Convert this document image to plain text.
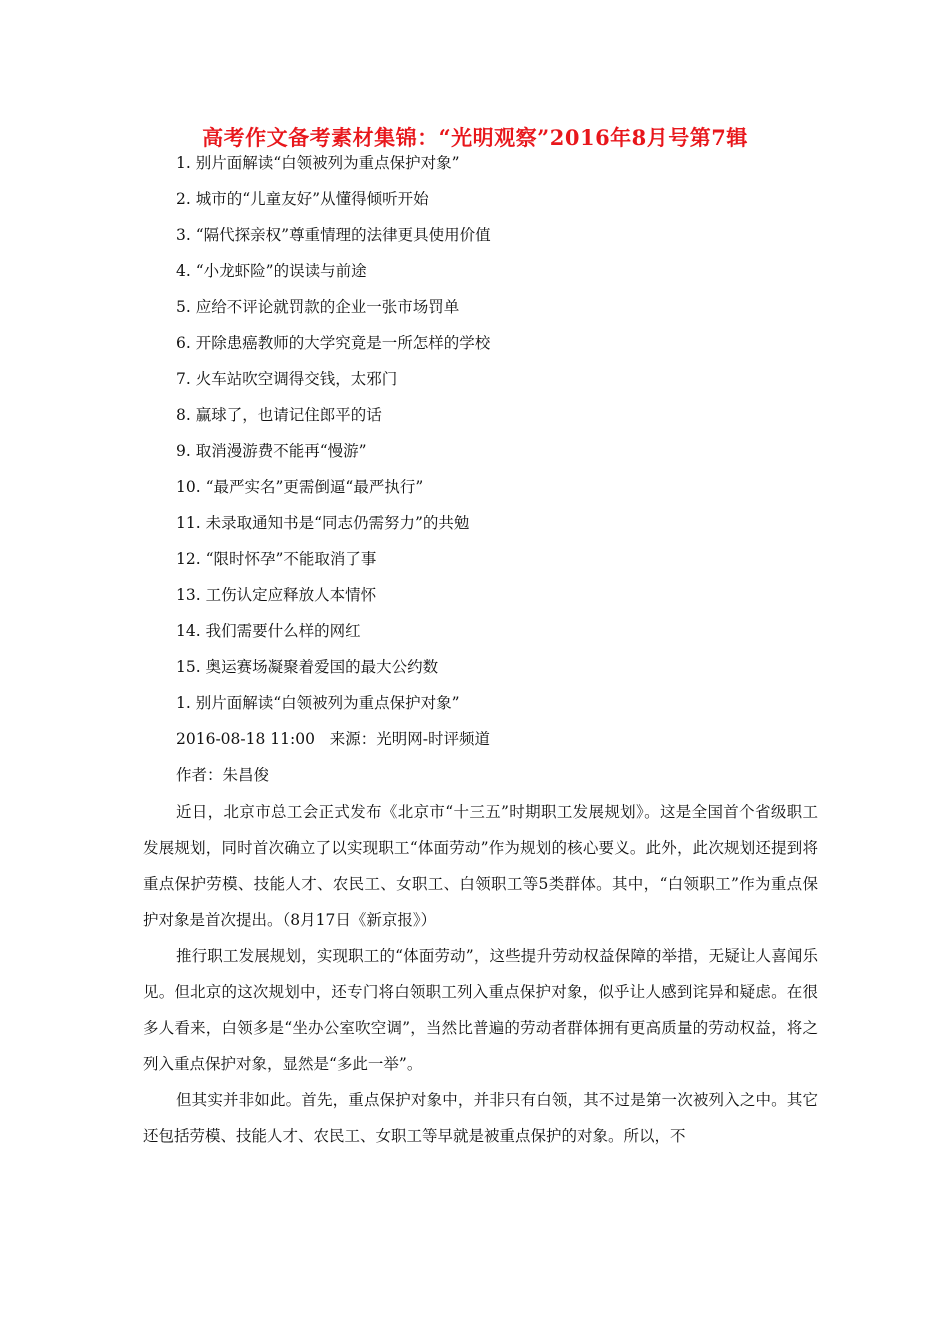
高考作文备考素材集锦：“光明观察”2016年8月号第7辑
1. 别片面解读“白领被列为重点保护对象”
2. 城市的“儿童友好”从懂得倾听开始
3. “隔代探亲权”尊重情理的法律更具使用价值
4. “小龙虾险”的误读与前途
5. 应给不评论就罚款的企业一张市场罚单
6. 开除患癌教师的大学究竟是一所怎样的学校
7. 火车站吹空调得交钱，太邪门
8. 赢球了，也请记住郎平的话
9. 取消漫游费不能再“慢游”
10. “最严实名”更需倒逼“最严执行”
11. 未录取通知书是“同志仍需努力”的共勉
12. “限时怀孕”不能取消了事
13. 工伤认定应释放人本情怀
14. 我们需要什么样的网红
15. 奥运赛场凝聚着爱国的最大公约数
1. 别片面解读“白领被列为重点保护对象”
2016-08-18 11:00   来源：光明网-时评频道
作者：朱昌俊

近日，北京市总工会正式发布《北京市“十三五”时期职工发展规划》。这是全国首个省级职工发展规划，同时首次确立了以实现职工“体面劳动”作为规划的核心要义。此外，此次规划还提到将重点保护劳模、技能人才、农民工、女职工、白领职工等5类群体。其中，“白领职工”作为重点保护对象是首次提出。（8月17日《新京报》）

推行职工发展规划，实现职工的“体面劳动”，这些提升劳动权益保障的举措，无疑让人喜闻乐见。但北京的这次规划中，还专门将白领职工列入重点保护对象，似乎让人感到诧异和疑虑。在很多人看来，白领多是“坐办公室吹空调”，当然比普遍的劳动者群体拥有更高质量的劳动权益，将之列入重点保护对象，显然是“多此一举”。

但其实并非如此。首先，重点保护对象中，并非只有白领，其不过是第一次被列入之中。其它还包括劳模、技能人才、农民工、女职工等早就是被重点保护的对象。所以，不
